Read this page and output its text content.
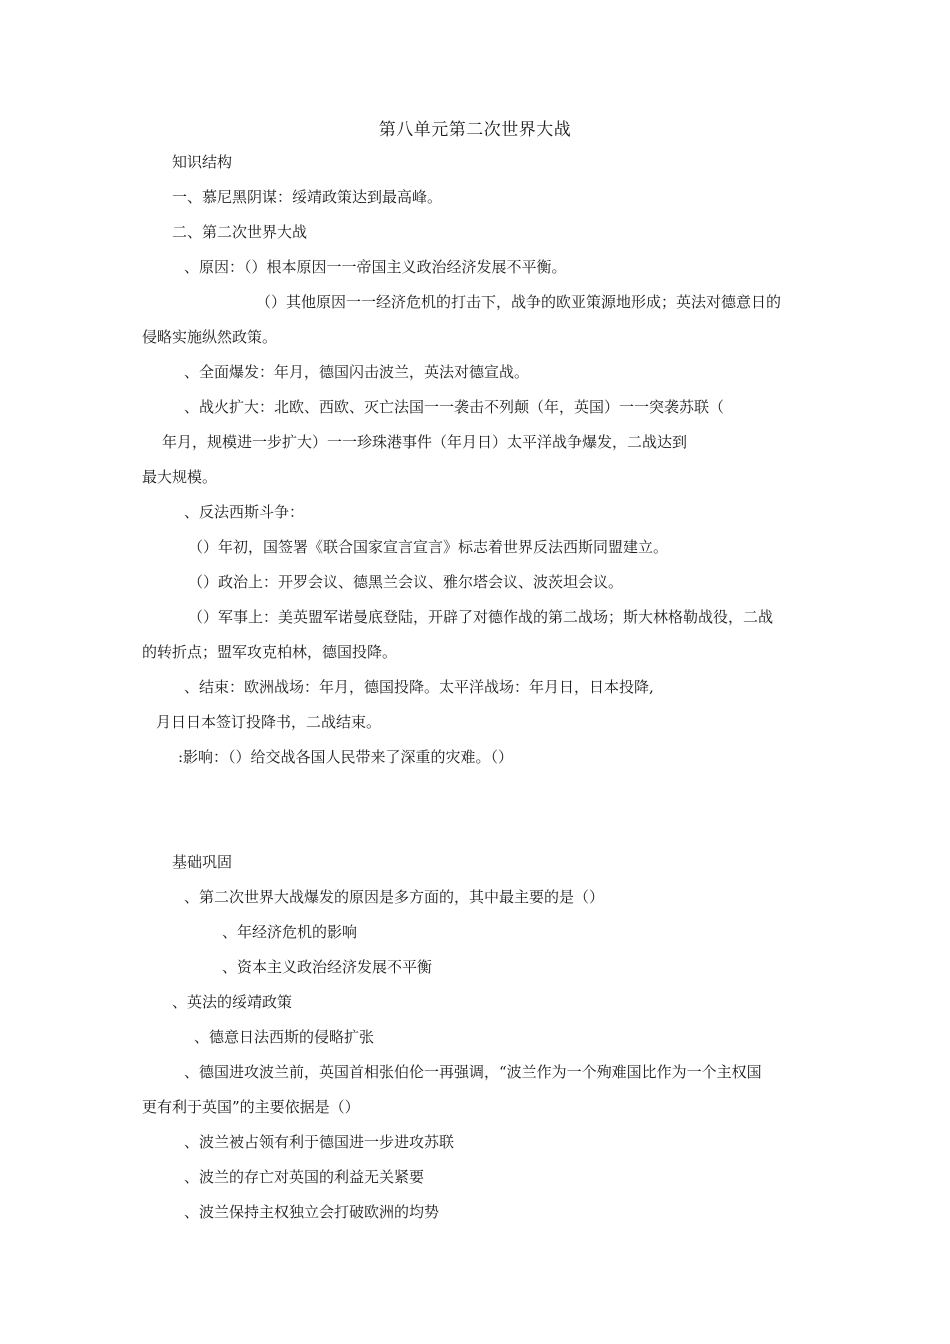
第八单元第二次世界大战
知识结构
一、慕尼黑阴谋：绥靖政策达到最高峰。
二、第二次世界大战
、原因：（）根本原因一一帝国主义政治经济发展不平衡。
（）其他原因一一经济危机的打击下，战争的欧亚策源地形成；英法对德意日的
侵略实施纵然政策。
、全面爆发：年月，德国闪击波兰，英法对德宣战。
、战火扩大：北欧、西欧、灭亡法国一一袭击不列颠（年，英国）一一突袭苏联（
年月，规模进一步扩大）一一珍珠港事件（年月日）太平洋战争爆发，二战达到
最大规模。
、反法西斯斗争：
（）年初，国签署《联合国家宣言宣言》标志着世界反法西斯同盟建立。
（）政治上：开罗会议、德黑兰会议、雅尔塔会议、波茨坦会议。
（）军事上：美英盟军诺曼底登陆，开辟了对德作战的第二战场；斯大林格勒战役，二战
的转折点；盟军攻克柏林，德国投降。
、结束：欧洲战场：年月，德国投降。太平洋战场：年月日，日本投降,
月日日本签订投降书，二战结束。
:影响：（）给交战各国人民带来了深重的灾难。（）
基础巩固
、第二次世界大战爆发的原因是多方面的，其中最主要的是（）
、年经济危机的影响
、资本主义政治经济发展不平衡
、英法的绥靖政策
、德意日法西斯的侵略扩张
、德国进攻波兰前，英国首相张伯伦一再强调，“波兰作为一个殉难国比作为一个主权国
更有利于英国”的主要依据是（）
、波兰被占领有利于德国进一步进攻苏联
、波兰的存亡对英国的利益无关紧要
、波兰保持主权独立会打破欧洲的均势
